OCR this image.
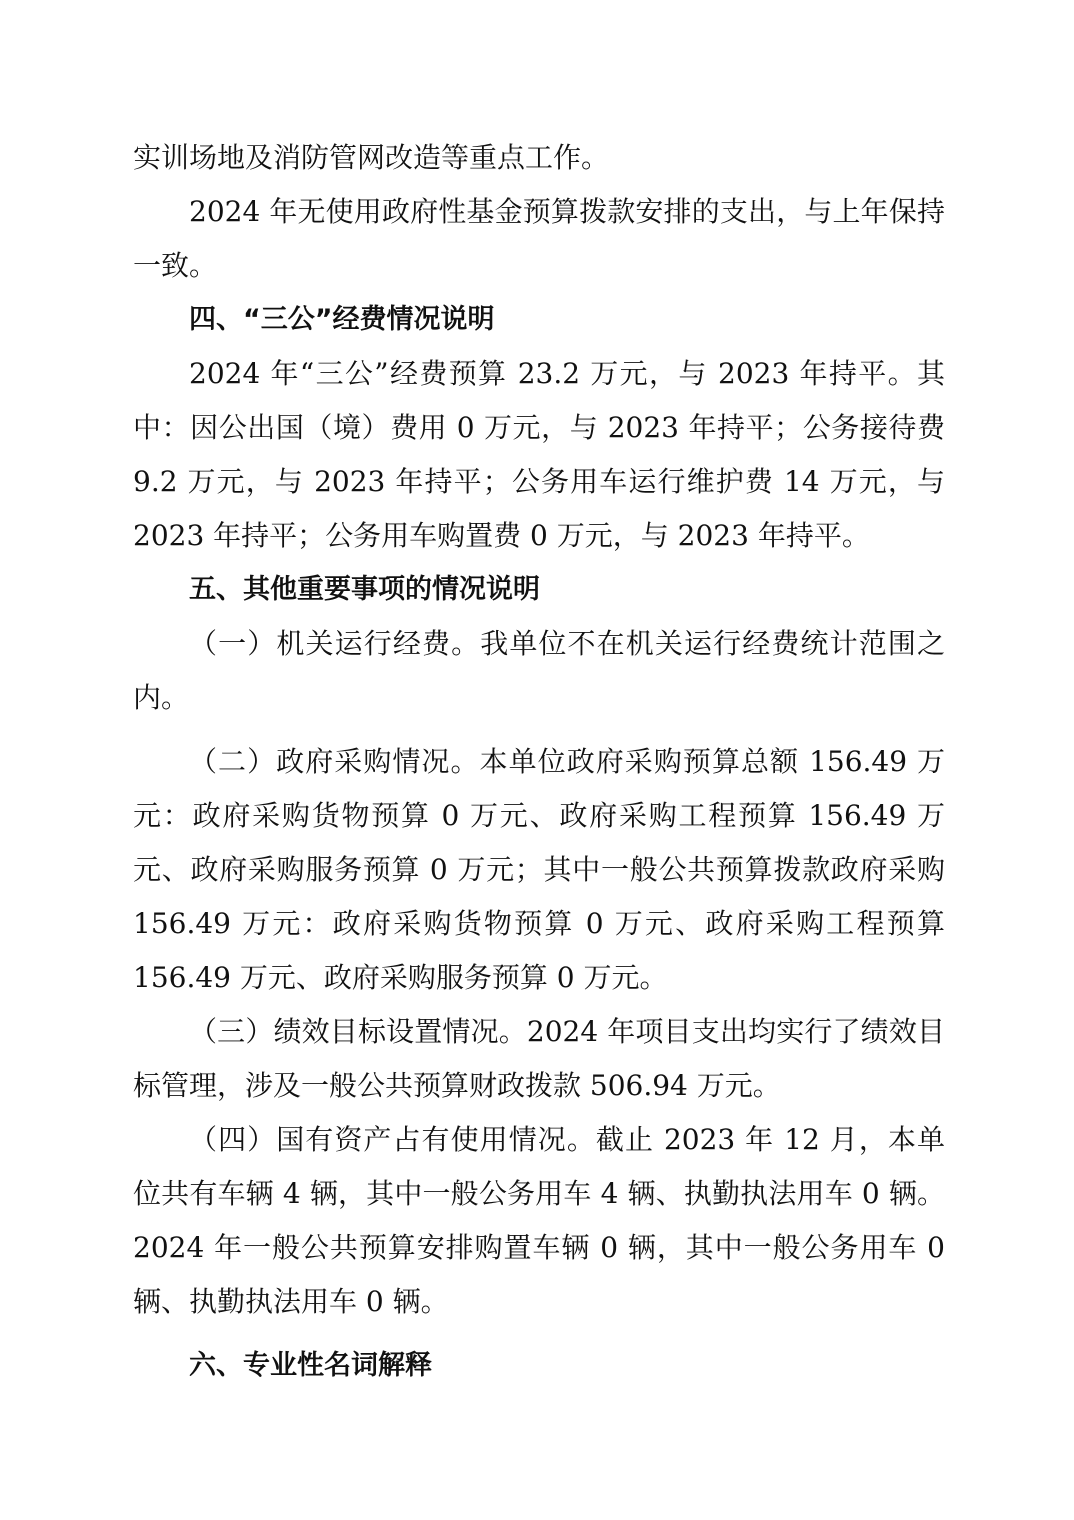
实训场地及消防管网改造等重点工作。

2024 年无使用政府性基金预算拨款安排的支出，与上年保持一致。

四、“三公”经费情况说明

2024 年“三公”经费预算 23.2 万元，与 2023 年持平。其中：因公出国（境）费用 0 万元，与 2023 年持平；公务接待费 9.2 万元，与 2023 年持平；公务用车运行维护费 14 万元，与 2023 年持平；公务用车购置费 0 万元，与 2023 年持平。

五、其他重要事项的情况说明

（一）机关运行经费。我单位不在机关运行经费统计范围之内。

（二）政府采购情况。本单位政府采购预算总额 156.49 万元：政府采购货物预算 0 万元、政府采购工程预算 156.49 万元、政府采购服务预算 0 万元；其中一般公共预算拨款政府采购 156.49 万元：政府采购货物预算 0 万元、政府采购工程预算 156.49 万元、政府采购服务预算 0 万元。

（三）绩效目标设置情况。2024 年项目支出均实行了绩效目标管理，涉及一般公共预算财政拨款 506.94 万元。

（四）国有资产占有使用情况。截止 2023 年 12 月，本单位共有车辆 4 辆，其中一般公务用车 4 辆、执勤执法用车 0 辆。2024 年一般公共预算安排购置车辆 0 辆，其中一般公务用车 0 辆、执勤执法用车 0 辆。

六、专业性名词解释
